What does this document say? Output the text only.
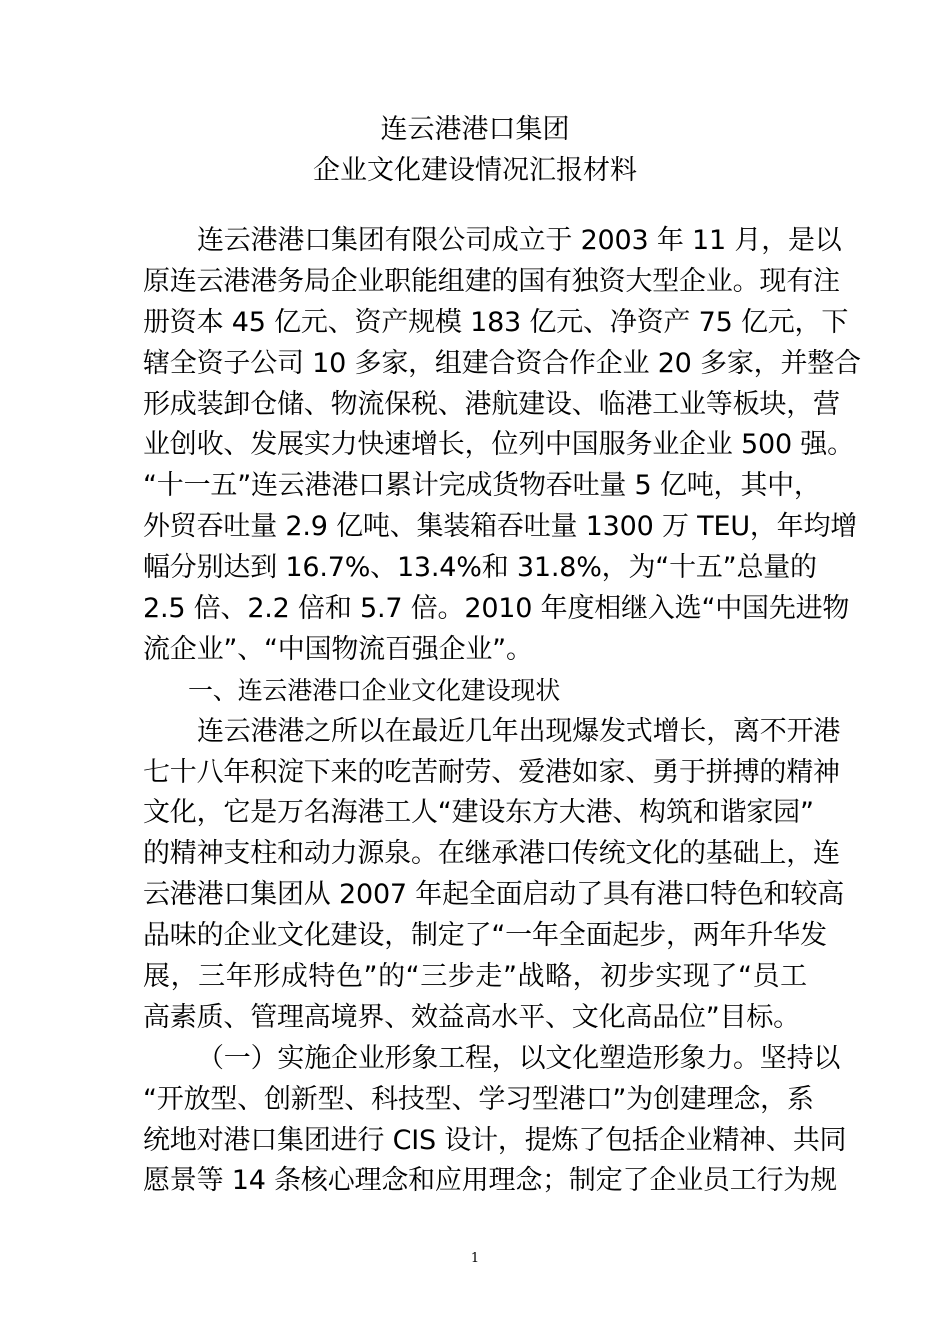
连云港港口集团
企业文化建设情况汇报材料
连云港港口集团有限公司成立于 2003 年 11 月，是以
原连云港港务局企业职能组建的国有独资大型企业。现有注
册资本 45 亿元、资产规模 183 亿元、净资产 75 亿元，下
辖全资子公司 10 多家，组建合资合作企业 20 多家，并整合
形成装卸仓储、物流保税、港航建设、临港工业等板块，营
业创收、发展实力快速增长，位列中国服务业企业 500 强。
“十一五”连云港港口累计完成货物吞吐量 5 亿吨，其中，
外贸吞吐量 2.9 亿吨、集装箱吞吐量 1300 万 TEU，年均增
幅分别达到 16.7%、13.4%和 31.8%，为“十五”总量的
2.5 倍、2.2 倍和 5.7 倍。2010 年度相继入选“中国先进物
流企业”、“中国物流百强企业”。
一、连云港港口企业文化建设现状
连云港港之所以在最近几年出现爆发式增长，离不开港
七十八年积淀下来的吃苦耐劳、爱港如家、勇于拼搏的精神
文化，它是万名海港工人“建设东方大港、构筑和谐家园”
的精神支柱和动力源泉。在继承港口传统文化的基础上，连
云港港口集团从 2007 年起全面启动了具有港口特色和较高
品味的企业文化建设，制定了“一年全面起步，两年升华发
展，三年形成特色”的“三步走”战略，初步实现了“员工
高素质、管理高境界、效益高水平、文化高品位”目标。
（一）实施企业形象工程，以文化塑造形象力。坚持以
“开放型、创新型、科技型、学习型港口”为创建理念，系
统地对港口集团进行 CIS 设计，提炼了包括企业精神、共同
愿景等 14 条核心理念和应用理念；制定了企业员工行为规
1
